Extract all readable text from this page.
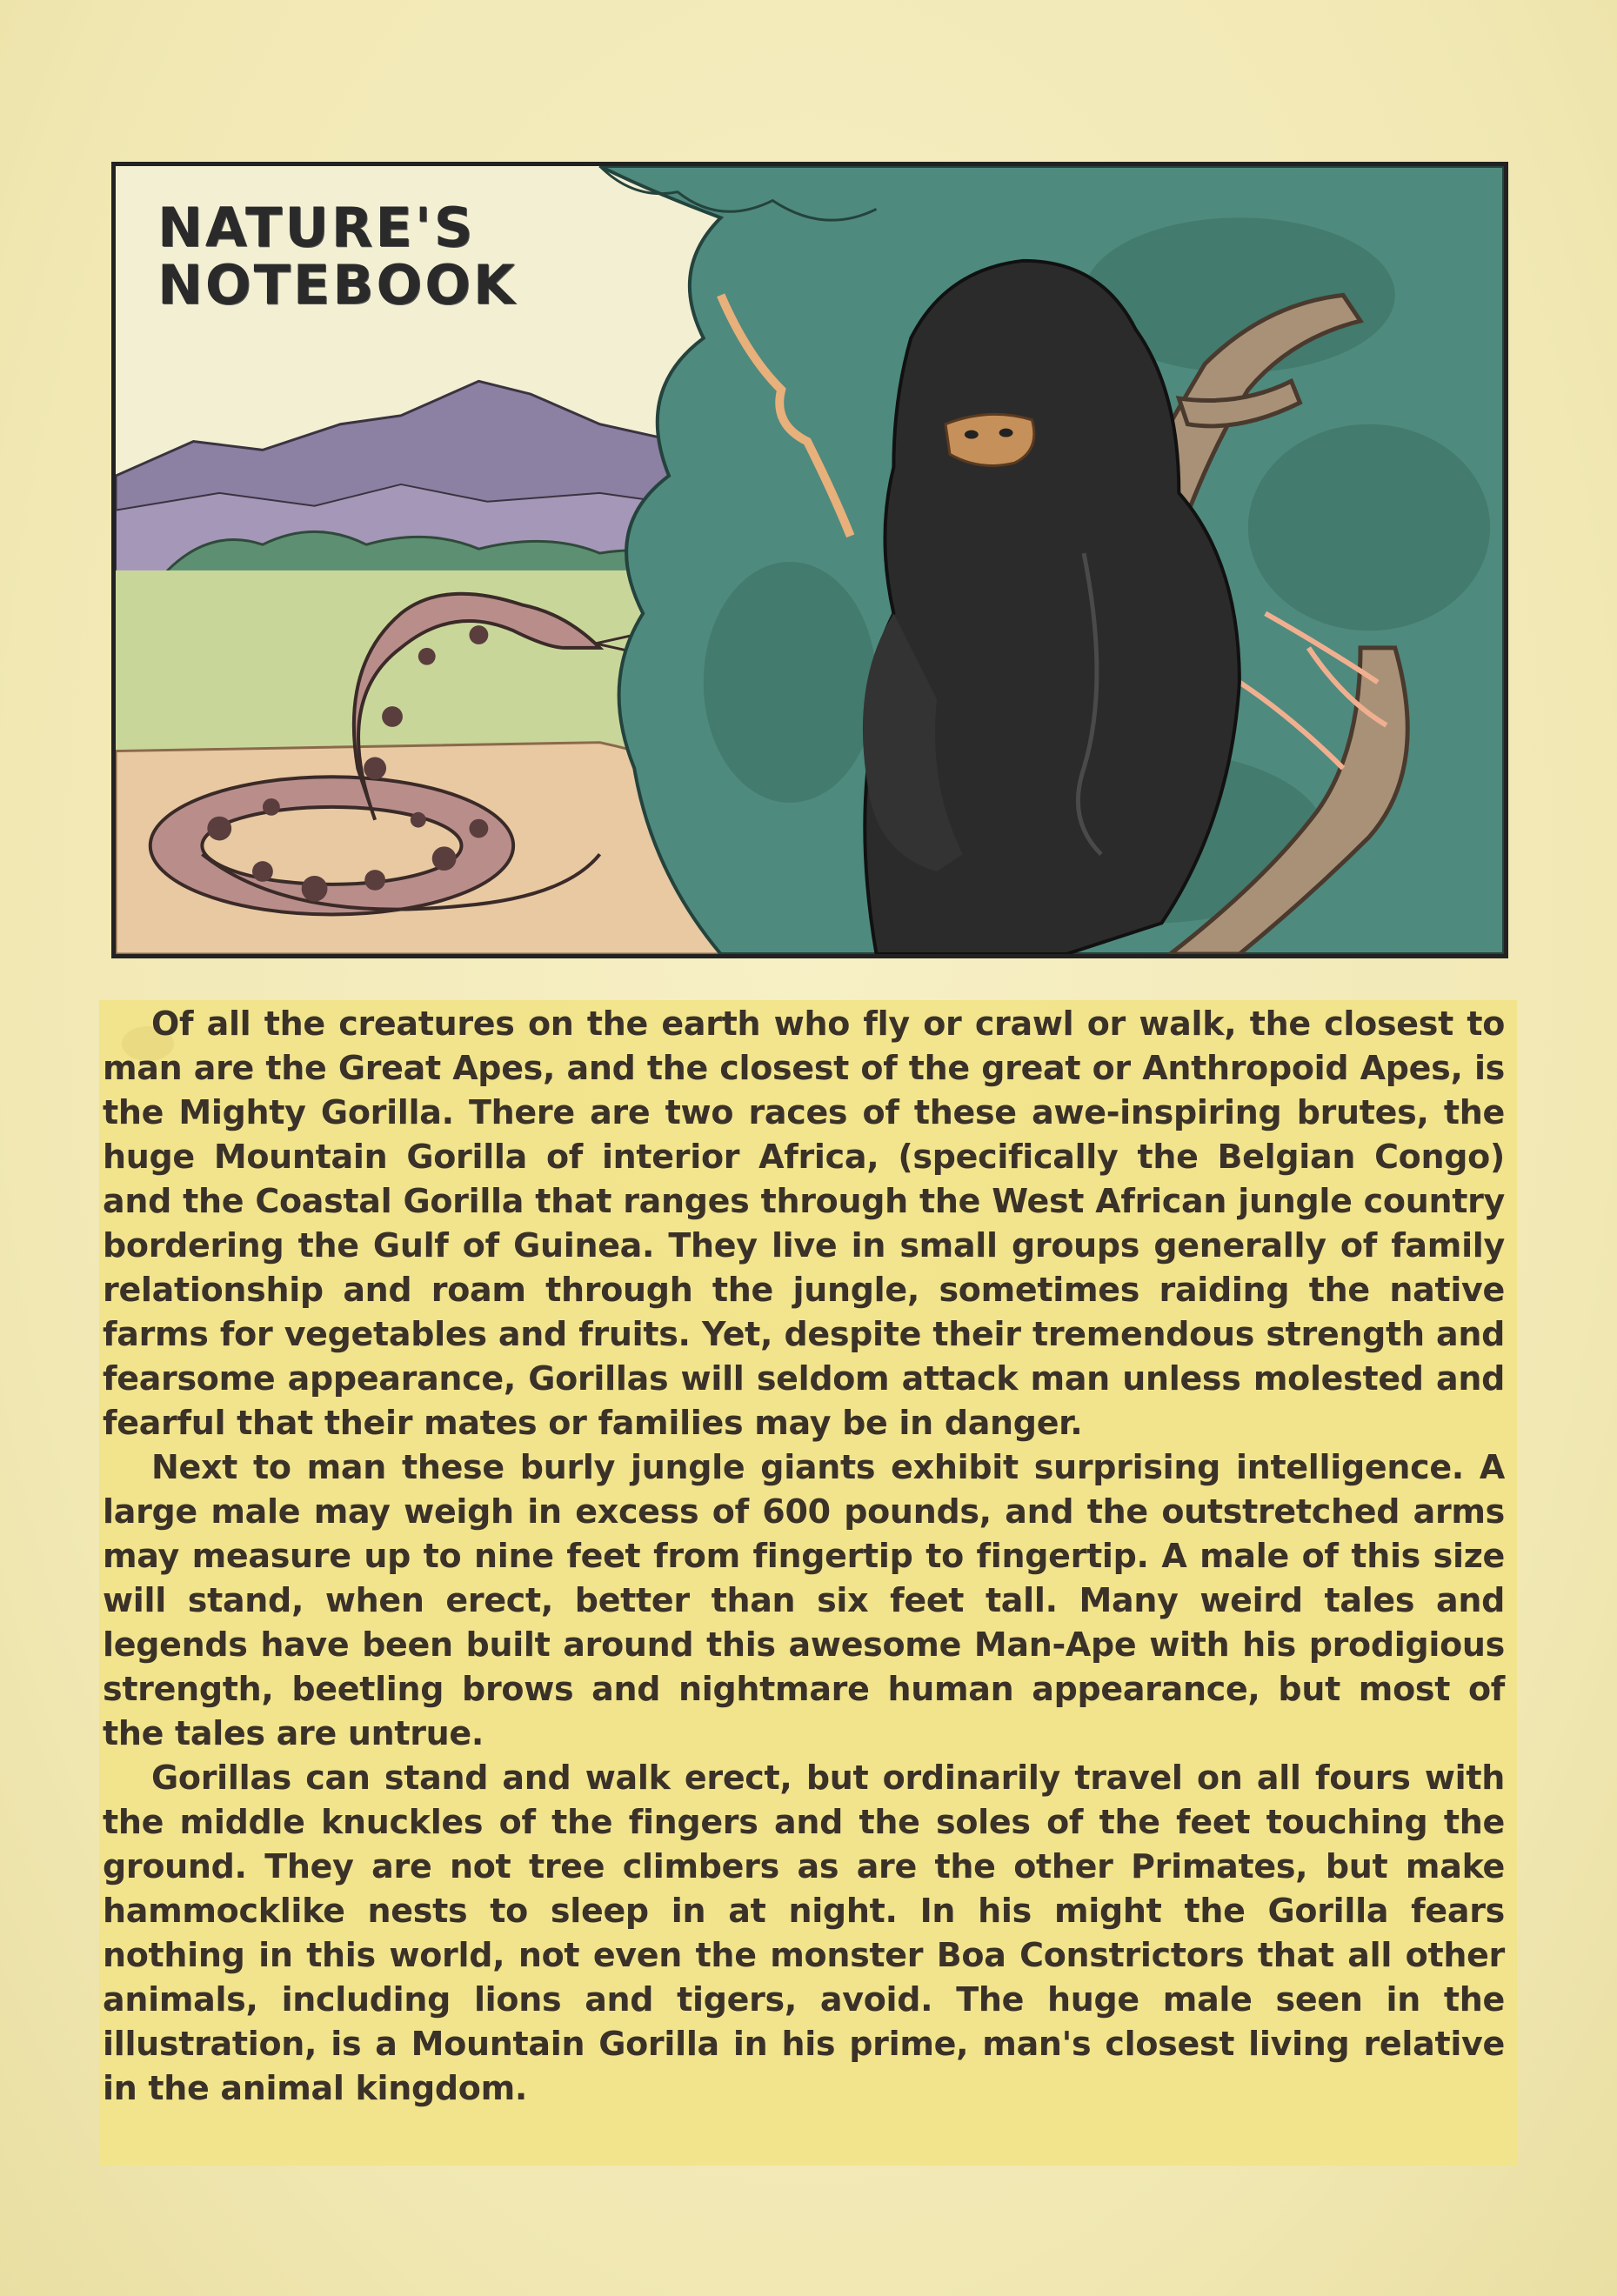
NATURE'S
NOTEBOOK

Of all the creatures on the earth who fly or crawl or walk, the closest to man are the Great Apes, and the closest of the great or Anthropoid Apes, is the Mighty Gorilla. There are two races of these awe-inspiring brutes, the huge Mountain Gorilla of interior Africa, (specifically the Belgian Congo) and the Coastal Gorilla that ranges through the West African jungle country bordering the Gulf of Guinea. They live in small groups generally of family relationship and roam through the jungle, sometimes raiding the native farms for vegetables and fruits. Yet, despite their tremendous strength and fearsome appearance, Gorillas will seldom attack man unless molested and fearful that their mates or families may be in danger.

Next to man these burly jungle giants exhibit surprising intelligence. A large male may weigh in excess of 600 pounds, and the outstretched arms may measure up to nine feet from fingertip to fingertip. A male of this size will stand, when erect, better than six feet tall. Many weird tales and legends have been built around this awesome Man-Ape with his prodigious strength, beetling brows and nightmare human appearance, but most of the tales are untrue.

Gorillas can stand and walk erect, but ordinarily travel on all fours with the middle knuckles of the fingers and the soles of the feet touching the ground. They are not tree climbers as are the other Primates, but make hammocklike nests to sleep in at night. In his might the Gorilla fears nothing in this world, not even the monster Boa Constrictors that all other animals, including lions and tigers, avoid. The huge male seen in the illustration, is a Mountain Gorilla in his prime, man's closest living relative in the animal kingdom.
